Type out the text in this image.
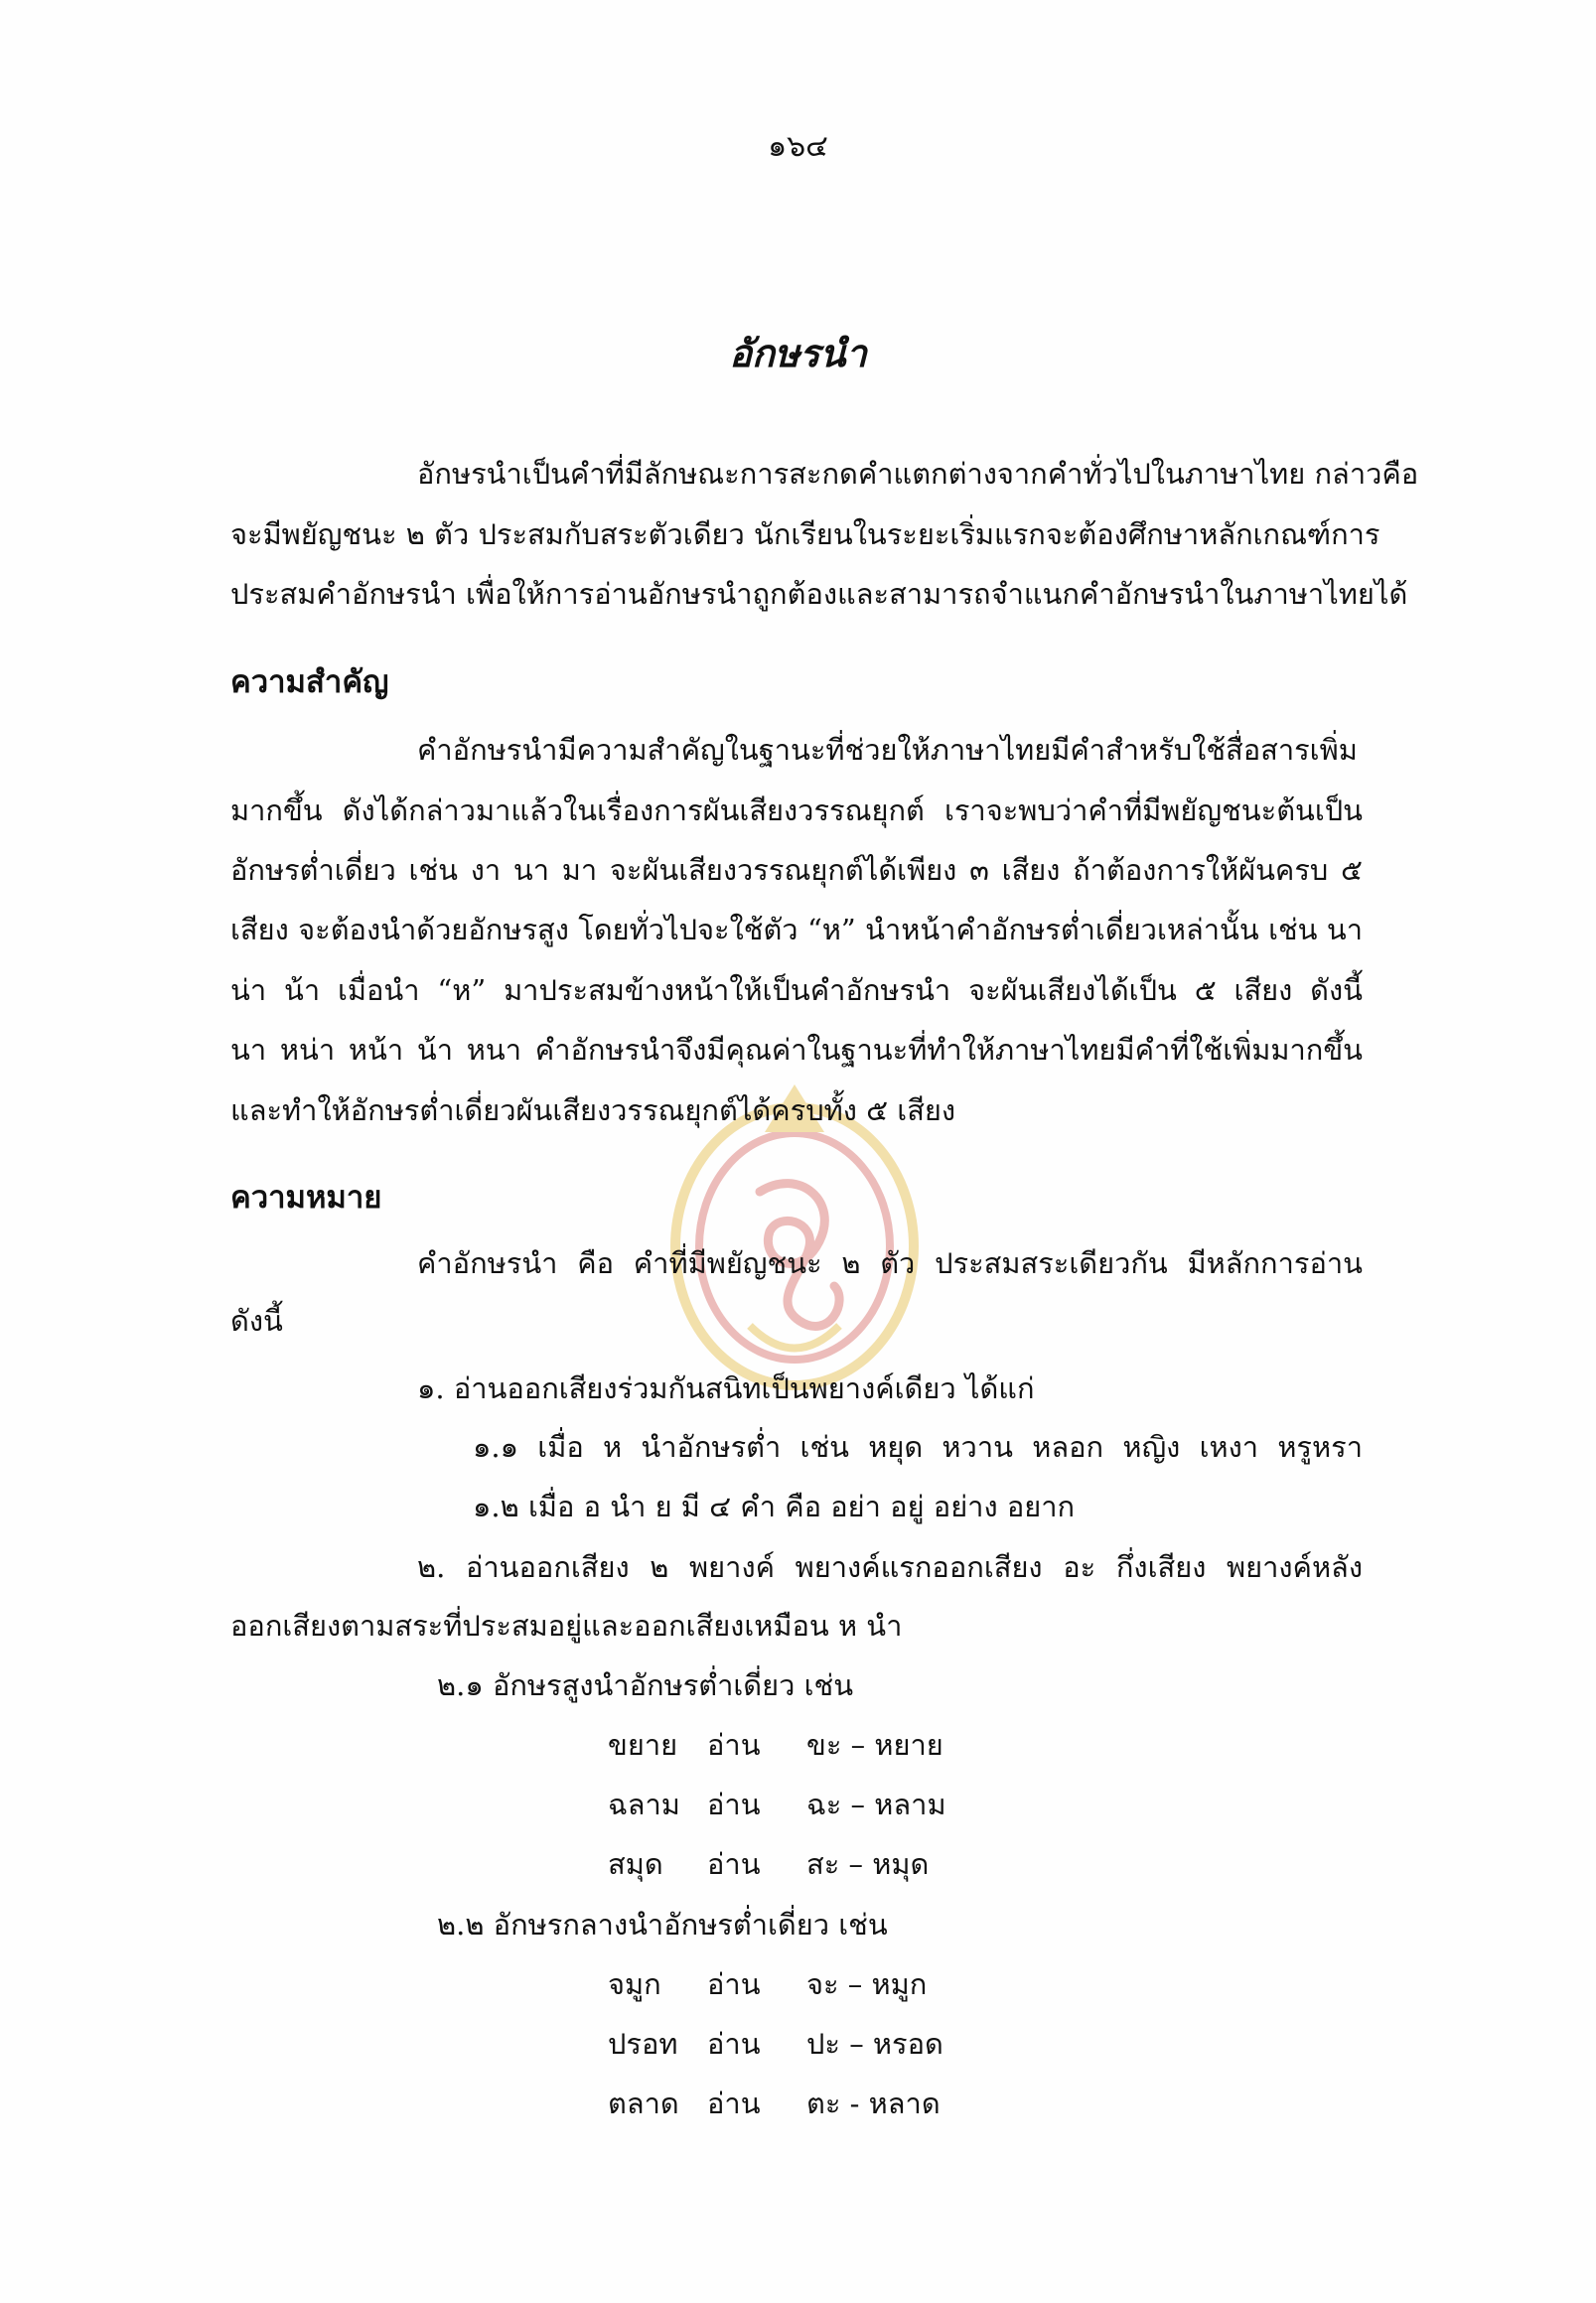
๑๖๔
อักษรนำ
อักษรนำเป็นคำที่มีลักษณะการสะกดคำแตกต่างจากคำทั่วไปในภาษาไทย กล่าวคือ
จะมีพยัญชนะ ๒ ตัว ประสมกับสระตัวเดียว นักเรียนในระยะเริ่มแรกจะต้องศึกษาหลักเกณฑ์การ
ประสมคำอักษรนำ เพื่อให้การอ่านอักษรนำถูกต้องและสามารถจำแนกคำอักษรนำในภาษาไทยได้
ความสำคัญ
คำอักษรนำมีความสำคัญในฐานะที่ช่วยให้ภาษาไทยมีคำสำหรับใช้สื่อสารเพิ่ม
มากขึ้น ดังได้กล่าวมาแล้วในเรื่องการผันเสียงวรรณยุกต์ เราจะพบว่าคำที่มีพยัญชนะต้นเป็น
อักษรต่ำเดี่ยว เช่น งา นา มา จะผันเสียงวรรณยุกต์ได้เพียง ๓ เสียง ถ้าต้องการให้ผันครบ ๕
เสียง จะต้องนำด้วยอักษรสูง โดยทั่วไปจะใช้ตัว “ห” นำหน้าคำอักษรต่ำเดี่ยวเหล่านั้น เช่น นา
น่า น้า เมื่อนำ “ห” มาประสมข้างหน้าให้เป็นคำอักษรนำ จะผันเสียงได้เป็น ๕ เสียง ดังนี้
นา หน่า หน้า น้า หนา คำอักษรนำจึงมีคุณค่าในฐานะที่ทำให้ภาษาไทยมีคำที่ใช้เพิ่มมากขึ้น
และทำให้อักษรต่ำเดี่ยวผันเสียงวรรณยุกต์ได้ครบทั้ง ๕ เสียง
ความหมาย
คำอักษรนำ คือ คำที่มีพยัญชนะ ๒ ตัว ประสมสระเดียวกัน มีหลักการอ่าน
ดังนี้
๑. อ่านออกเสียงร่วมกันสนิทเป็นพยางค์เดียว ได้แก่
๑.๑ เมื่อ ห นำอักษรต่ำ เช่น หยุด หวาน หลอก หญิง เหงา หรูหรา
๑.๒ เมื่อ อ นำ ย มี ๔ คำ คือ อย่า อยู่ อย่าง อยาก
๒. อ่านออกเสียง ๒ พยางค์ พยางค์แรกออกเสียง อะ กึ่งเสียง พยางค์หลัง
ออกเสียงตามสระที่ประสมอยู่และออกเสียงเหมือน ห นำ
๒.๑ อักษรสูงนำอักษรต่ำเดี่ยว เช่น
ขยาย อ่าน ขะ – หยาย
ฉลาม อ่าน ฉะ – หลาม
สมุด อ่าน สะ – หมุด
๒.๒ อักษรกลางนำอักษรต่ำเดี่ยว เช่น
จมูก อ่าน จะ – หมูก
ปรอท อ่าน ปะ – หรอด
ตลาด อ่าน ตะ - หลาด
